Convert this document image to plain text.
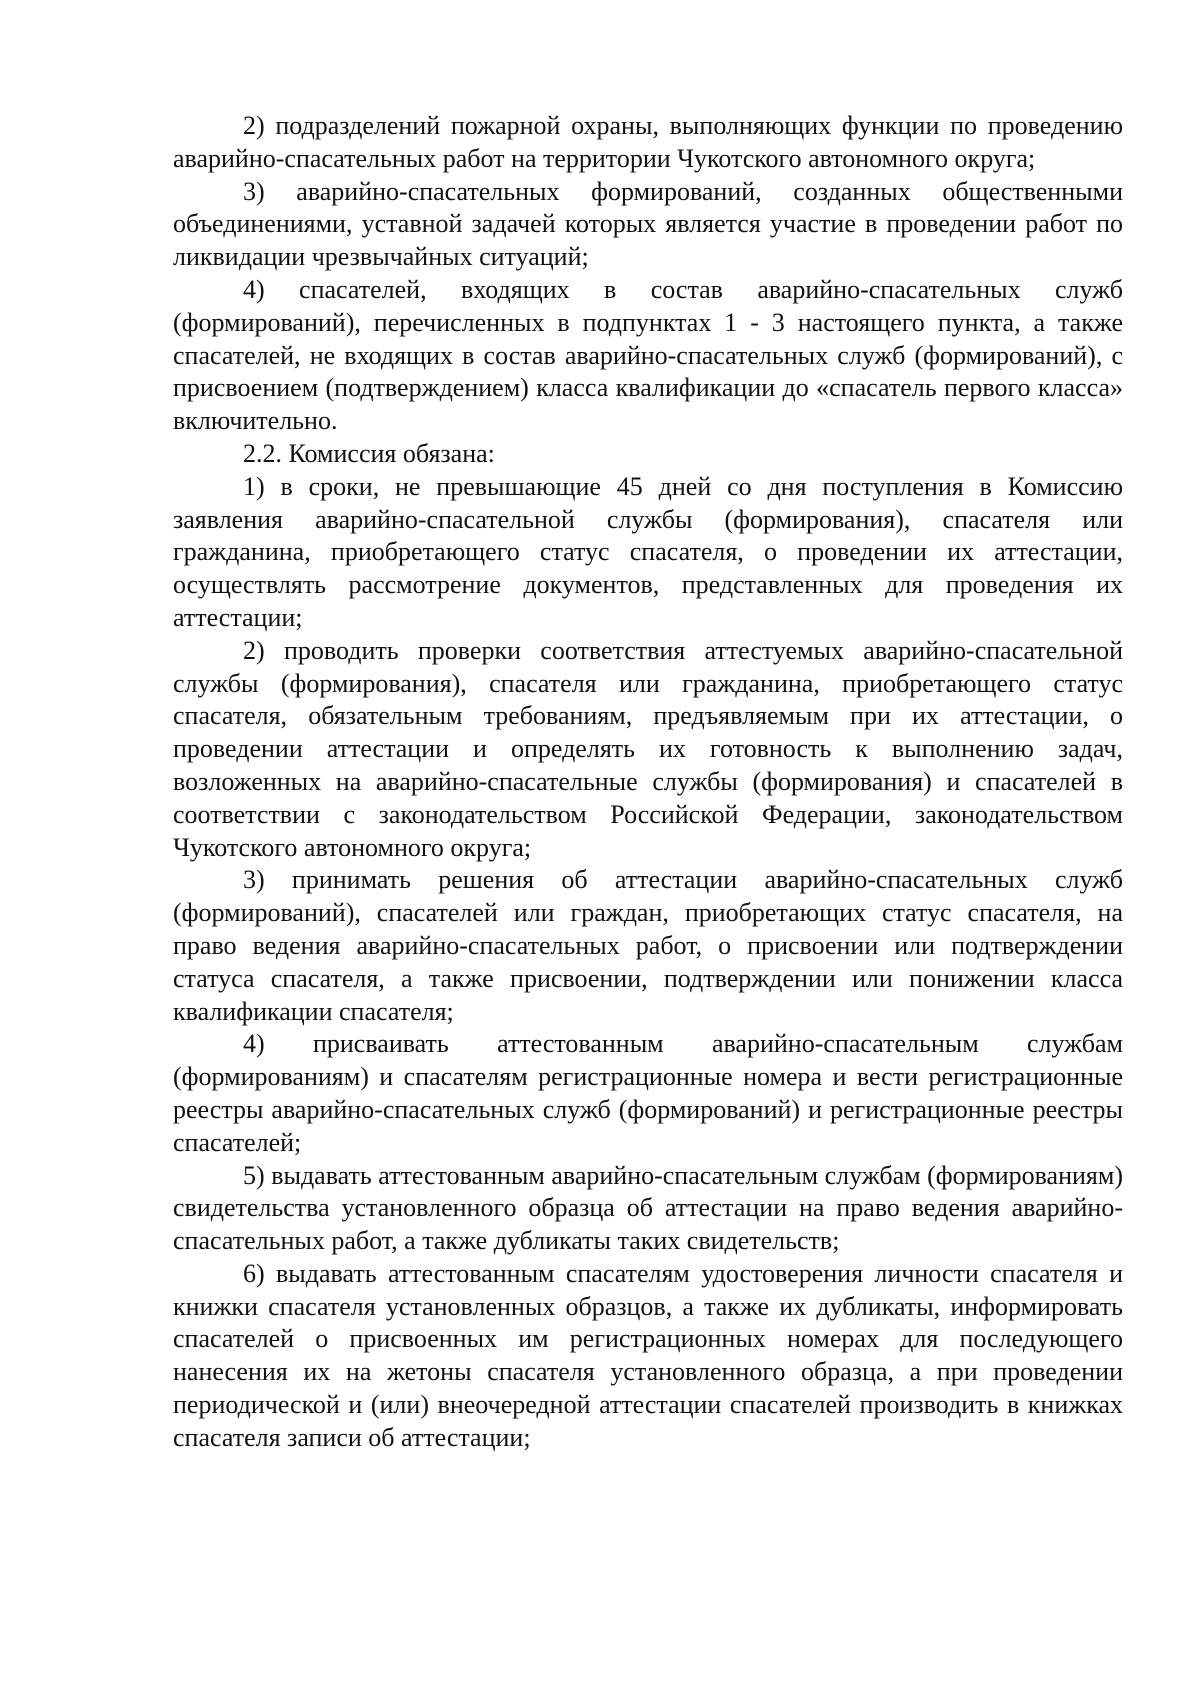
2) подразделений пожарной охраны, выполняющих функции по проведению аварийно-спасательных работ на территории Чукотского автономного округа;

3) аварийно-спасательных формирований, созданных общественными объединениями, уставной задачей которых является участие в проведении работ по ликвидации чрезвычайных ситуаций;

4) спасателей, входящих в состав аварийно-спасательных служб (формирований), перечисленных в подпунктах 1 - 3 настоящего пункта, а также спасателей, не входящих в состав аварийно-спасательных служб (формирований), с присвоением (подтверждением) класса квалификации до «спасатель первого класса» включительно.

2.2. Комиссия обязана:

1) в сроки, не превышающие 45 дней со дня поступления в Комиссию заявления аварийно-спасательной службы (формирования), спасателя или гражданина, приобретающего статус спасателя, о проведении их аттестации, осуществлять рассмотрение документов, представленных для проведения их аттестации;

2) проводить проверки соответствия аттестуемых аварийно-спасательной службы (формирования), спасателя или гражданина, приобретающего статус спасателя, обязательным требованиям, предъявляемым при их аттестации, о проведении аттестации и определять их готовность к выполнению задач, возложенных на аварийно-спасательные службы (формирования) и спасателей в соответствии с законодательством Российской Федерации, законодательством Чукотского автономного округа;

3) принимать решения об аттестации аварийно-спасательных служб (формирований), спасателей или граждан, приобретающих статус спасателя, на право ведения аварийно-спасательных работ, о присвоении или подтверждении статуса спасателя, а также присвоении, подтверждении или понижении класса квалификации спасателя;

4) присваивать аттестованным аварийно-спасательным службам (формированиям) и спасателям регистрационные номера и вести регистрационные реестры аварийно-спасательных служб (формирований) и регистрационные реестры спасателей;

5) выдавать аттестованным аварийно-спасательным службам (формированиям) свидетельства установленного образца об аттестации на право ведения аварийно-спасательных работ, а также дубликаты таких свидетельств;

6) выдавать аттестованным спасателям удостоверения личности спасателя и книжки спасателя установленных образцов, а также их дубликаты, информировать спасателей о присвоенных им регистрационных номерах для последующего нанесения их на жетоны спасателя установленного образца, а при проведении периодической и (или) внеочередной аттестации спасателей производить в книжках спасателя записи об аттестации;
